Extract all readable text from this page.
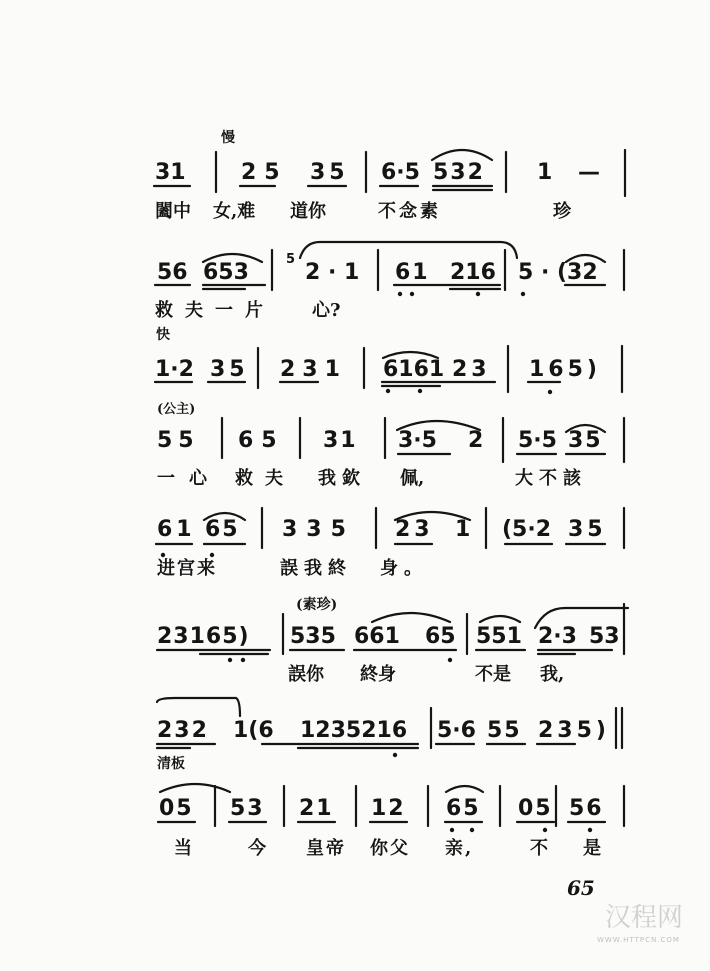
慢
快
(公主)
(素珍)
清板
31	25 35 6·5 532 1 —
闔中 女,难 道你	不念素	珍
56 653
5
2 · 1 61 216 5 · (32
救夫一片 心?
1·2 35 231 6161 23 165)
55 65 31 3·5 2 5·5 35
一心 救夫 我欽 佩,	大不該
61 65 335 23 1 (5·2 35
进宫来	誤我終 身。
23165) 535 661 65 551 2·3 53
誤你 終身	不是 我,
232 1(6 1235216 5·6 55 235)
05 53 21 12 65 05 56
当	今 皇帝 你父 亲,	不 是
65
汉程网
WWW.HTTPCN.COM
